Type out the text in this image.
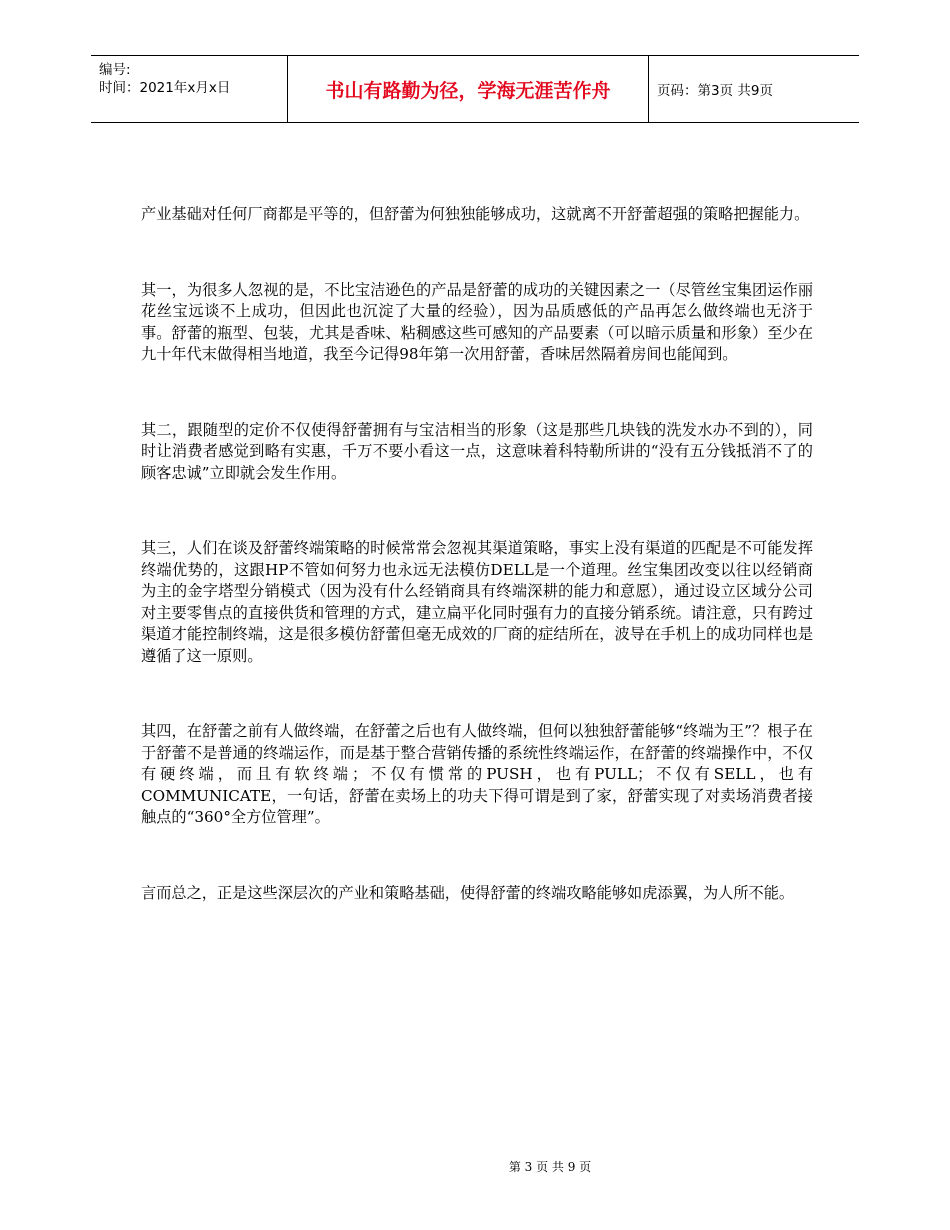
编号:
时间：2021年x月x日	书山有路勤为径，学海无涯苦作舟	页码：第3页 共9页

产业基础对任何厂商都是平等的，但舒蕾为何独独能够成功，这就离不开舒蕾超强的策略把握能力。

其一，为很多人忽视的是，不比宝洁逊色的产品是舒蕾的成功的关键因素之一（尽管丝宝集团运作丽花丝宝远谈不上成功，但因此也沉淀了大量的经验），因为品质感低的产品再怎么做终端也无济于事。舒蕾的瓶型、包装，尤其是香味、粘稠感这些可感知的产品要素（可以暗示质量和形象）至少在九十年代末做得相当地道，我至今记得98年第一次用舒蕾，香味居然隔着房间也能闻到。

其二，跟随型的定价不仅使得舒蕾拥有与宝洁相当的形象（这是那些几块钱的洗发水办不到的），同时让消费者感觉到略有实惠，千万不要小看这一点，这意味着科特勒所讲的“没有五分钱抵消不了的顾客忠诚”立即就会发生作用。

其三，人们在谈及舒蕾终端策略的时候常常会忽视其渠道策略，事实上没有渠道的匹配是不可能发挥终端优势的，这跟HP不管如何努力也永远无法模仿DELL是一个道理。丝宝集团改变以往以经销商为主的金字塔型分销模式（因为没有什么经销商具有终端深耕的能力和意愿），通过设立区域分公司对主要零售点的直接供货和管理的方式，建立扁平化同时强有力的直接分销系统。请注意，只有跨过渠道才能控制终端，这是很多模仿舒蕾但毫无成效的厂商的症结所在，波导在手机上的成功同样也是遵循了这一原则。

其四，在舒蕾之前有人做终端，在舒蕾之后也有人做终端，但何以独独舒蕾能够“终端为王”？根子在于舒蕾不是普通的终端运作，而是基于整合营销传播的系统性终端运作，在舒蕾的终端操作中，不仅有硬终端，而且有软终端；不仅有惯常的PUSH，也有PULL；不仅有SELL，也有COMMUNICATE，一句话，舒蕾在卖场上的功夫下得可谓是到了家，舒蕾实现了对卖场消费者接触点的“360°全方位管理”。

言而总之，正是这些深层次的产业和策略基础，使得舒蕾的终端攻略能够如虎添翼，为人所不能。

第 3 页 共 9 页
